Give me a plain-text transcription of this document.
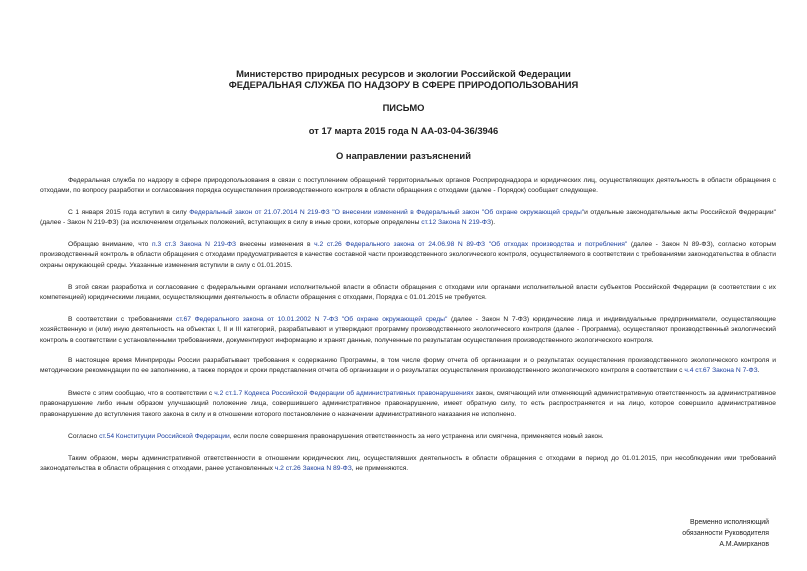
Министерство природных ресурсов и экологии Российской Федерации
ФЕДЕРАЛЬНАЯ СЛУЖБА ПО НАДЗОРУ В СФЕРЕ ПРИРОДОПОЛЬЗОВАНИЯ
ПИСЬМО
от 17 марта 2015 года N АА-03-04-36/3946
О направлении разъяснений

Федеральная служба по надзору в сфере природопользования в связи с поступлением обращений территориальных органов Росприроднадзора и юридических лиц, осуществляющих деятельность в области обращения с отходами, по вопросу разработки и согласования порядка осуществления производственного контроля в области обращения с отходами (далее - Порядок) сообщает следующее.

С 1 января 2015 года вступил в силу Федеральный закон от 21.07.2014 N 219-ФЗ "О внесении изменений в Федеральный закон "Об охране окружающей среды"и отдельные законодательные акты Российской Федерации" (далее - Закон N 219-ФЗ) (за исключением отдельных положений, вступающих в силу в иные сроки, которые определены ст.12 Закона N 219-ФЗ).

Обращаю внимание, что п.3 ст.3 Закона N 219-ФЗ внесены изменения в ч.2 ст.26 Федерального закона от 24.06.98 N 89-ФЗ "Об отходах производства и потребления" (далее - Закон N 89-ФЗ), согласно которым производственный контроль в области обращения с отходами предусматривается в качестве составной части производственного экологического контроля, осуществляемого в соответствии с требованиями законодательства в области охраны окружающей среды. Указанные изменения вступили в силу с 01.01.2015.

В этой связи разработка и согласование с федеральными органами исполнительной власти в области обращения с отходами или органами исполнительной власти субъектов Российской Федерации (в соответствии с их компетенцией) юридическими лицами, осуществляющими деятельность в области обращения с отходами, Порядка с 01.01.2015 не требуется.

В соответствии с требованиями ст.67 Федерального закона от 10.01.2002 N 7-ФЗ "Об охране окружающей среды" (далее - Закон N 7-ФЗ) юридические лица и индивидуальные предприниматели, осуществляющие хозяйственную и (или) иную деятельность на объектах I, II и III категорий, разрабатывают и утверждают программу производственного экологического контроля (далее - Программа), осуществляют производственный экологический контроль в соответствии с установленными требованиями, документируют информацию и хранят данные, полученные по результатам осуществления производственного экологического контроля.

В настоящее время Минприроды России разрабатывает требования к содержанию Программы, в том числе форму отчета об организации и о результатах осуществления производственного экологического контроля и методические рекомендации по ее заполнению, а также порядок и сроки представления отчета об организации и о результатах осуществления производственного экологического контроля в соответствии с ч.4 ст.67 Закона N 7-ФЗ.

Вместе с этим сообщаю, что в соответствии с ч.2 ст.1.7 Кодекса Российской Федерации об административных правонарушениях закон, смягчающий или отменяющий административную ответственность за административное правонарушение либо иным образом улучшающий положение лица, совершившего административное правонарушение, имеет обратную силу, то есть распространяется и на лицо, которое совершило административное правонарушение до вступления такого закона в силу и в отношении которого постановление о назначении административного наказания не исполнено.

Согласно ст.54 Конституции Российской Федерации, если после совершения правонарушения ответственность за него устранена или смягчена, применяется новый закон.

Таким образом, меры административной ответственности в отношении юридических лиц, осуществлявших деятельность в области обращения с отходами в период до 01.01.2015, при несоблюдении ими требований законодательства в области обращения с отходами, ранее установленных ч.2 ст.26 Закона N 89-ФЗ, не применяются.

Временно исполняющий
обязанности Руководителя
А.М.Амирханов
